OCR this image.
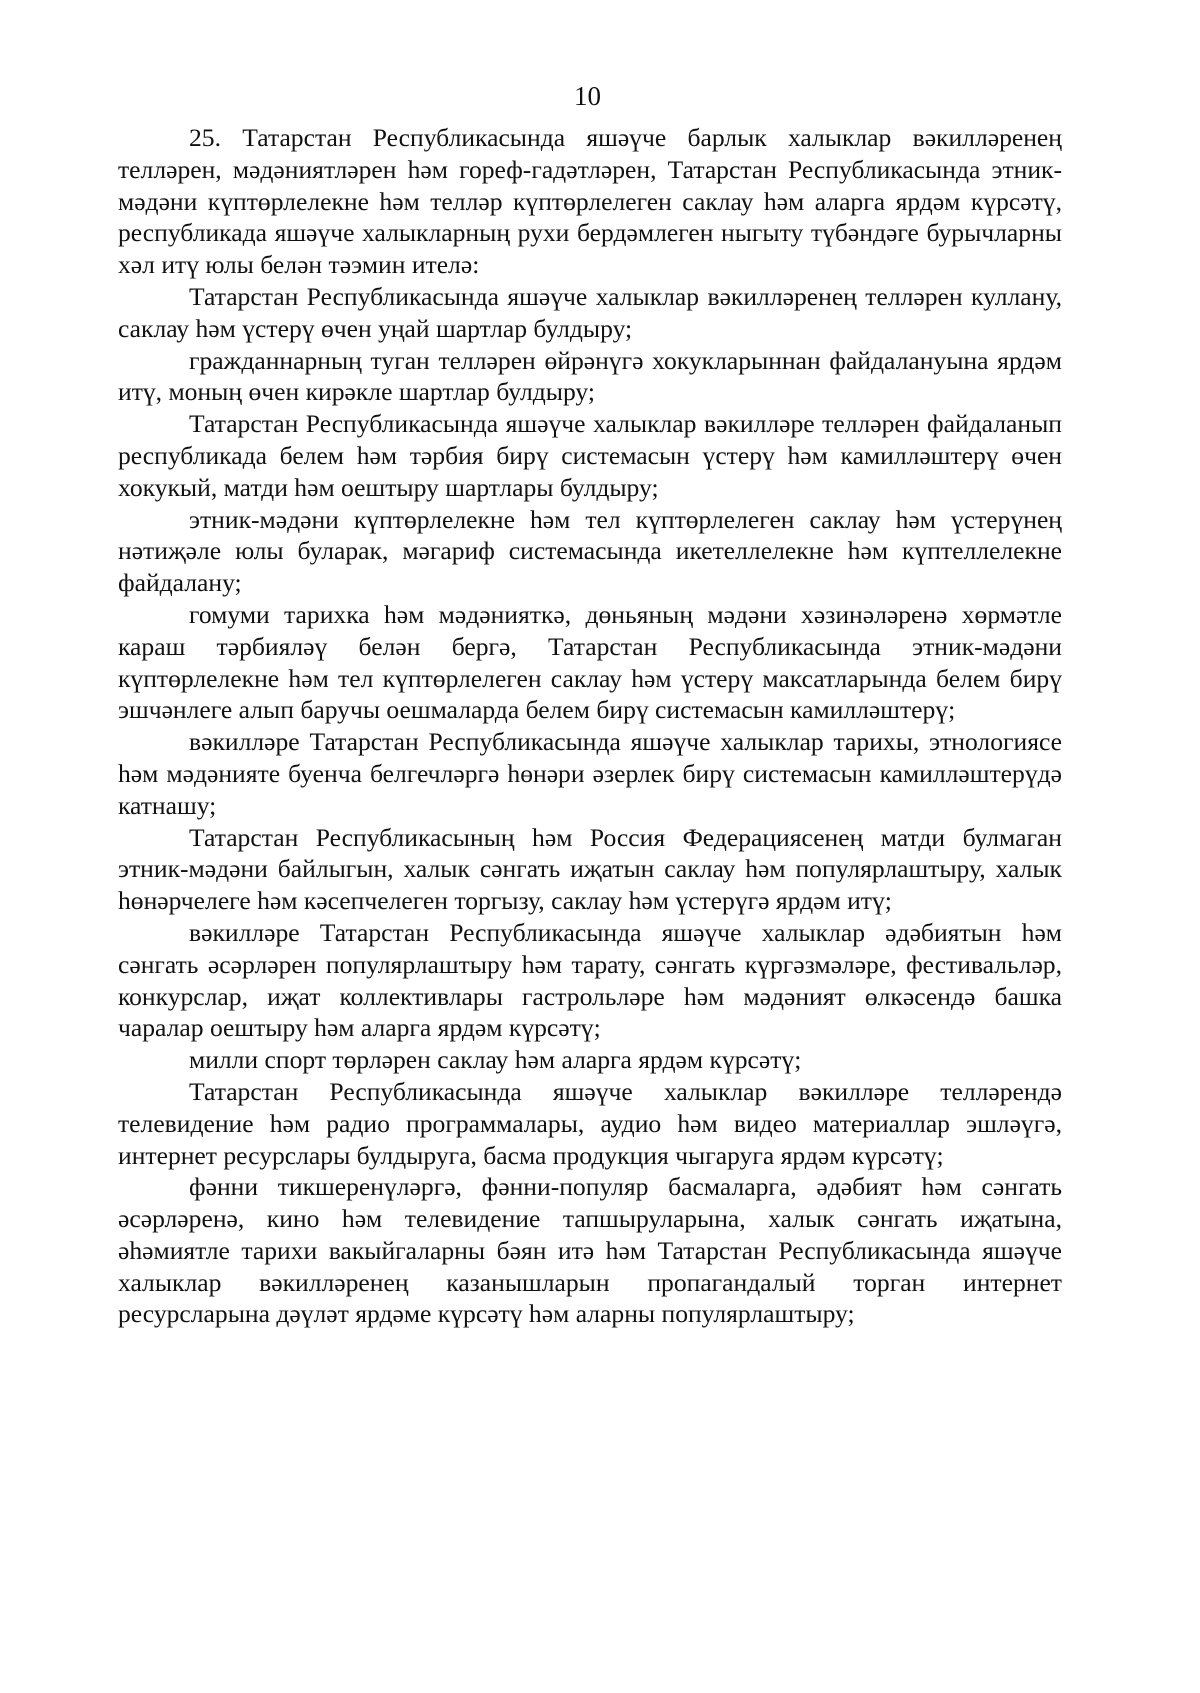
10

25. Татарстан Республикасында яшәүче барлык халыклар вәкилләренең телләрен, мәдәниятләрен һәм гореф-гадәтләрен, Татарстан Республикасында этник-мәдәни күптөрлелекне һәм телләр күптөрлелеген саклау һәм аларга ярдәм күрсәтү, республикада яшәүче халыкларның рухи бердәмлеген ныгыту түбәндәге бурычларны хәл итү юлы белән тәэмин ителә:

Татарстан Республикасында яшәүче халыклар вәкилләренең телләрен куллану, саклау һәм үстерү өчен уңай шартлар булдыру;

гражданнарның туган телләрен өйрәнүгә хокукларыннан файдалануына ярдәм итү, моның өчен кирәкле шартлар булдыру;

Татарстан Республикасында яшәүче халыклар вәкилләре телләрен файдаланып республикада белем һәм тәрбия бирү системасын үстерү һәм камилләштерү өчен хокукый, матди һәм оештыру шартлары булдыру;

этник-мәдәни күптөрлелекне һәм тел күптөрлелеген саклау һәм үстерүнең нәтиҗәле юлы буларак, мәгариф системасында икетеллелекне һәм күптеллелекне файдалану;

гомуми тарихка һәм мәдәнияткә, дөньяның мәдәни хәзинәләренә хөрмәтле караш тәрбияләү белән бергә, Татарстан Республикасында этник-мәдәни күптөрлелекне һәм тел күптөрлелеген саклау һәм үстерү максатларында белем бирү эшчәнлеге алып баручы оешмаларда белем бирү системасын камилләштерү;

вәкилләре Татарстан Республикасында яшәүче халыклар тарихы, этнологиясе һәм мәдәнияте буенча белгечләргә һөнәри әзерлек бирү системасын камилләштерүдә катнашу;

Татарстан Республикасының һәм Россия Федерациясенең матди булмаган этник-мәдәни байлыгын, халык сәнгать иҗатын саклау һәм популярлаштыру, халык һөнәрчелеге һәм кәсепчелеген торгызу, саклау һәм үстерүгә ярдәм итү;

вәкилләре Татарстан Республикасында яшәүче халыклар әдәбиятын һәм сәнгать әсәрләрен популярлаштыру һәм тарату, сәнгать күргәзмәләре, фестивальләр, конкурслар, иҗат коллективлары гастрольләре һәм мәдәният өлкәсендә башка чаралар оештыру һәм аларга ярдәм күрсәтү;

милли спорт төрләрен саклау һәм аларга ярдәм күрсәтү;

Татарстан Республикасында яшәүче халыклар вәкилләре телләрендә телевидение һәм радио программалары, аудио һәм видео материаллар эшләүгә, интернет ресурслары булдыруга, басма продукция чыгаруга ярдәм күрсәтү;

фәнни тикшеренүләргә, фәнни-популяр басмаларга, әдәбият һәм сәнгать әсәрләренә, кино һәм телевидение тапшыруларына, халык сәнгать иҗатына, әһәмиятле тарихи вакыйгаларны бәян итә һәм Татарстан Республикасында яшәүче халыклар вәкилләренең казанышларын пропагандалый торган интернет ресурсларына дәүләт ярдәме күрсәтү һәм аларны популярлаштыру;
